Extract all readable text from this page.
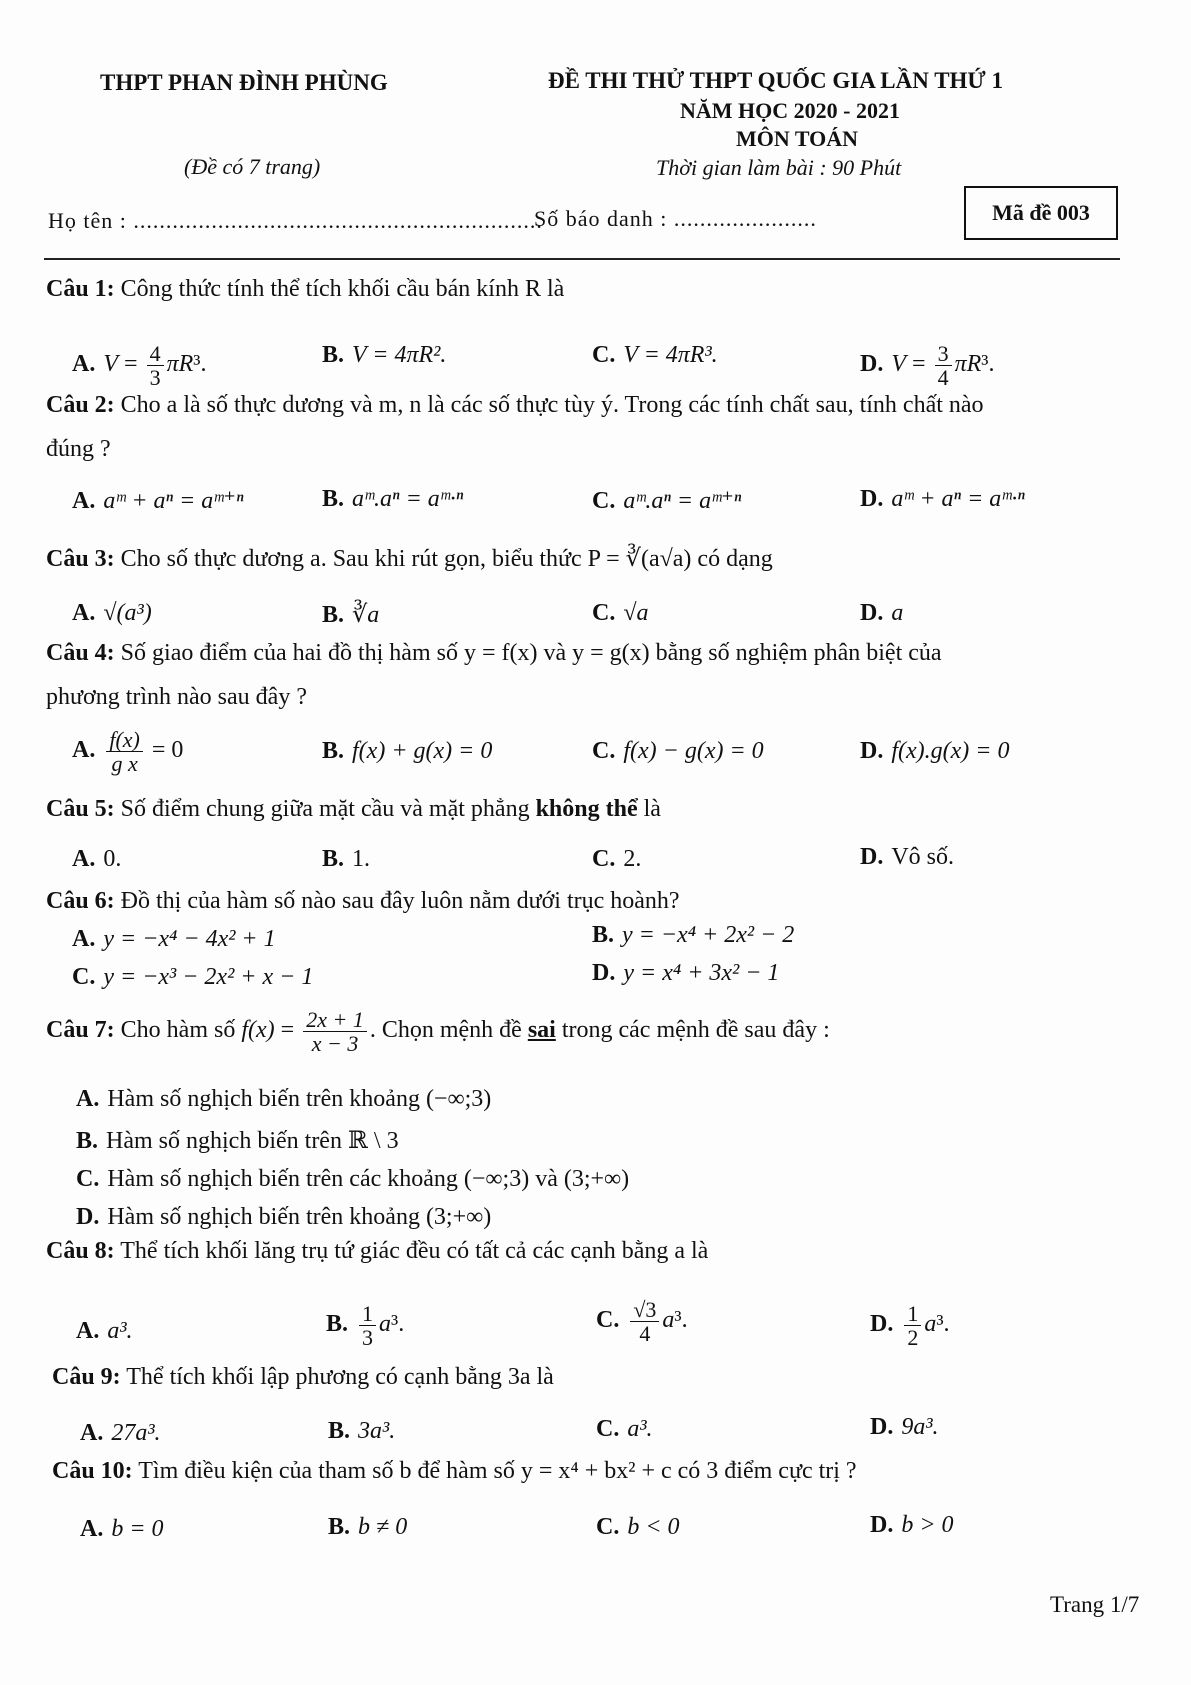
THPT PHAN ĐÌNH PHÙNG
(Đề có 7 trang)
ĐỀ THI THỬ THPT QUỐC GIA LẦN THỨ 1
NĂM HỌC 2020 - 2021
MÔN TOÁN
Thời gian làm bài : 90 Phút
Họ tên : ...............................................................
Số báo danh : ......................	Mã đề 003
Câu 1: Công thức tính thể tích khối cầu bán kính R là
A. $V = \frac{4}{3} \pi R^3$.	B. V = 4πR².	C. V = 4πR³.	D. $V = \frac{3}{4} \pi R^3$.
Câu 2: Cho a là số thực dương và m, n là các số thực tùy ý. Trong các tính chất sau, tính chất nào
đúng ?
A. aᵐ + aⁿ = aᵐ⁺ⁿ	B. aᵐ.aⁿ = aᵐ·ⁿ	C. aᵐ.aⁿ = aᵐ⁺ⁿ	D. aᵐ + aⁿ = aᵐ·ⁿ
Câu 3: Cho số thực dương a. Sau khi rút gọn, biểu thức P = ∛(a√a) có dạng
A. √(a³)	B. ∛a	C. √a	D. a
Câu 4: Số giao điểm của hai đồ thị hàm số y = f(x) và y = g(x) bằng số nghiệm phân biệt của
phương trình nào sau đây ?
A. $\frac{f(x)}{\text{g x}} = 0$	B. f(x) + g(x) = 0	C. f(x) − g(x) = 0	D. f(x).g(x) = 0
Câu 5: Số điểm chung giữa mặt cầu và mặt phẳng không thể là
A. 0.	B. 1.	C. 2.	D. Vô số.
Câu 6: Đồ thị của hàm số nào sau đây luôn nằm dưới trục hoành?
A. y = −x⁴ − 4x² + 1	B. y = −x⁴ + 2x² − 2
C. y = −x³ − 2x² + x − 1	D. y = x⁴ + 3x² − 1
Câu 7: Cho hàm số $f(x) = \frac{2x + 1}{x - 3}$ . Chọn mệnh đề sai trong các mệnh đề sau đây :
A. Hàm số nghịch biến trên khoảng (−∞;3)
B. Hàm số nghịch biến trên ℝ \ 3
C. Hàm số nghịch biến trên các khoảng (−∞;3) và (3;+∞)
D. Hàm số nghịch biến trên khoảng (3;+∞)
Câu 8: Thể tích khối lăng trụ tứ giác đều có tất cả các cạnh bằng a là
A. a³.	B. $\frac{1}{3} a^3$.	C. $\frac{√3}{4} a^3$.	D. $\frac{1}{2} a^3$.
Câu 9: Thể tích khối lập phương có cạnh bằng 3a là
A. 27a³.	B. 3a³.	C. a³.	D. 9a³.
Câu 10: Tìm điều kiện của tham số b để hàm số y = x⁴ + bx² + c có 3 điểm cực trị ?
A. b = 0	B. b ≠ 0	C. b < 0	D. b > 0
Trang 1/7
